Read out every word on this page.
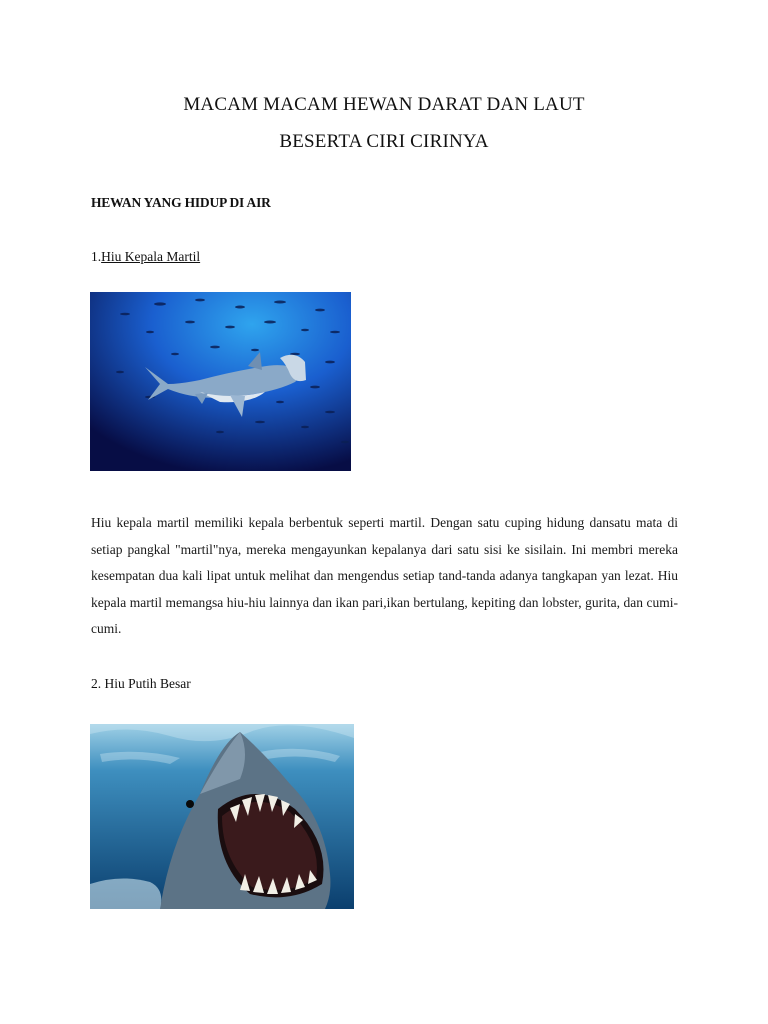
MACAM MACAM HEWAN DARAT DAN LAUT
BESERTA CIRI CIRINYA
HEWAN YANG HIDUP DI AIR
1.Hiu Kepala Martil
Hiu kepala martil memiliki kepala berbentuk seperti martil. Dengan satu cuping hidung dansatu mata di setiap pangkal "martil"nya, mereka mengayunkan kepalanya dari satu sisi ke sisilain. Ini membri mereka kesempatan dua kali lipat untuk melihat dan mengendus setiap tand-tanda adanya tangkapan yan lezat. Hiu kepala martil memangsa hiu-hiu lainnya dan ikan pari,ikan bertulang, kepiting dan lobster, gurita, dan cumi-cumi.
2. Hiu Putih Besar
